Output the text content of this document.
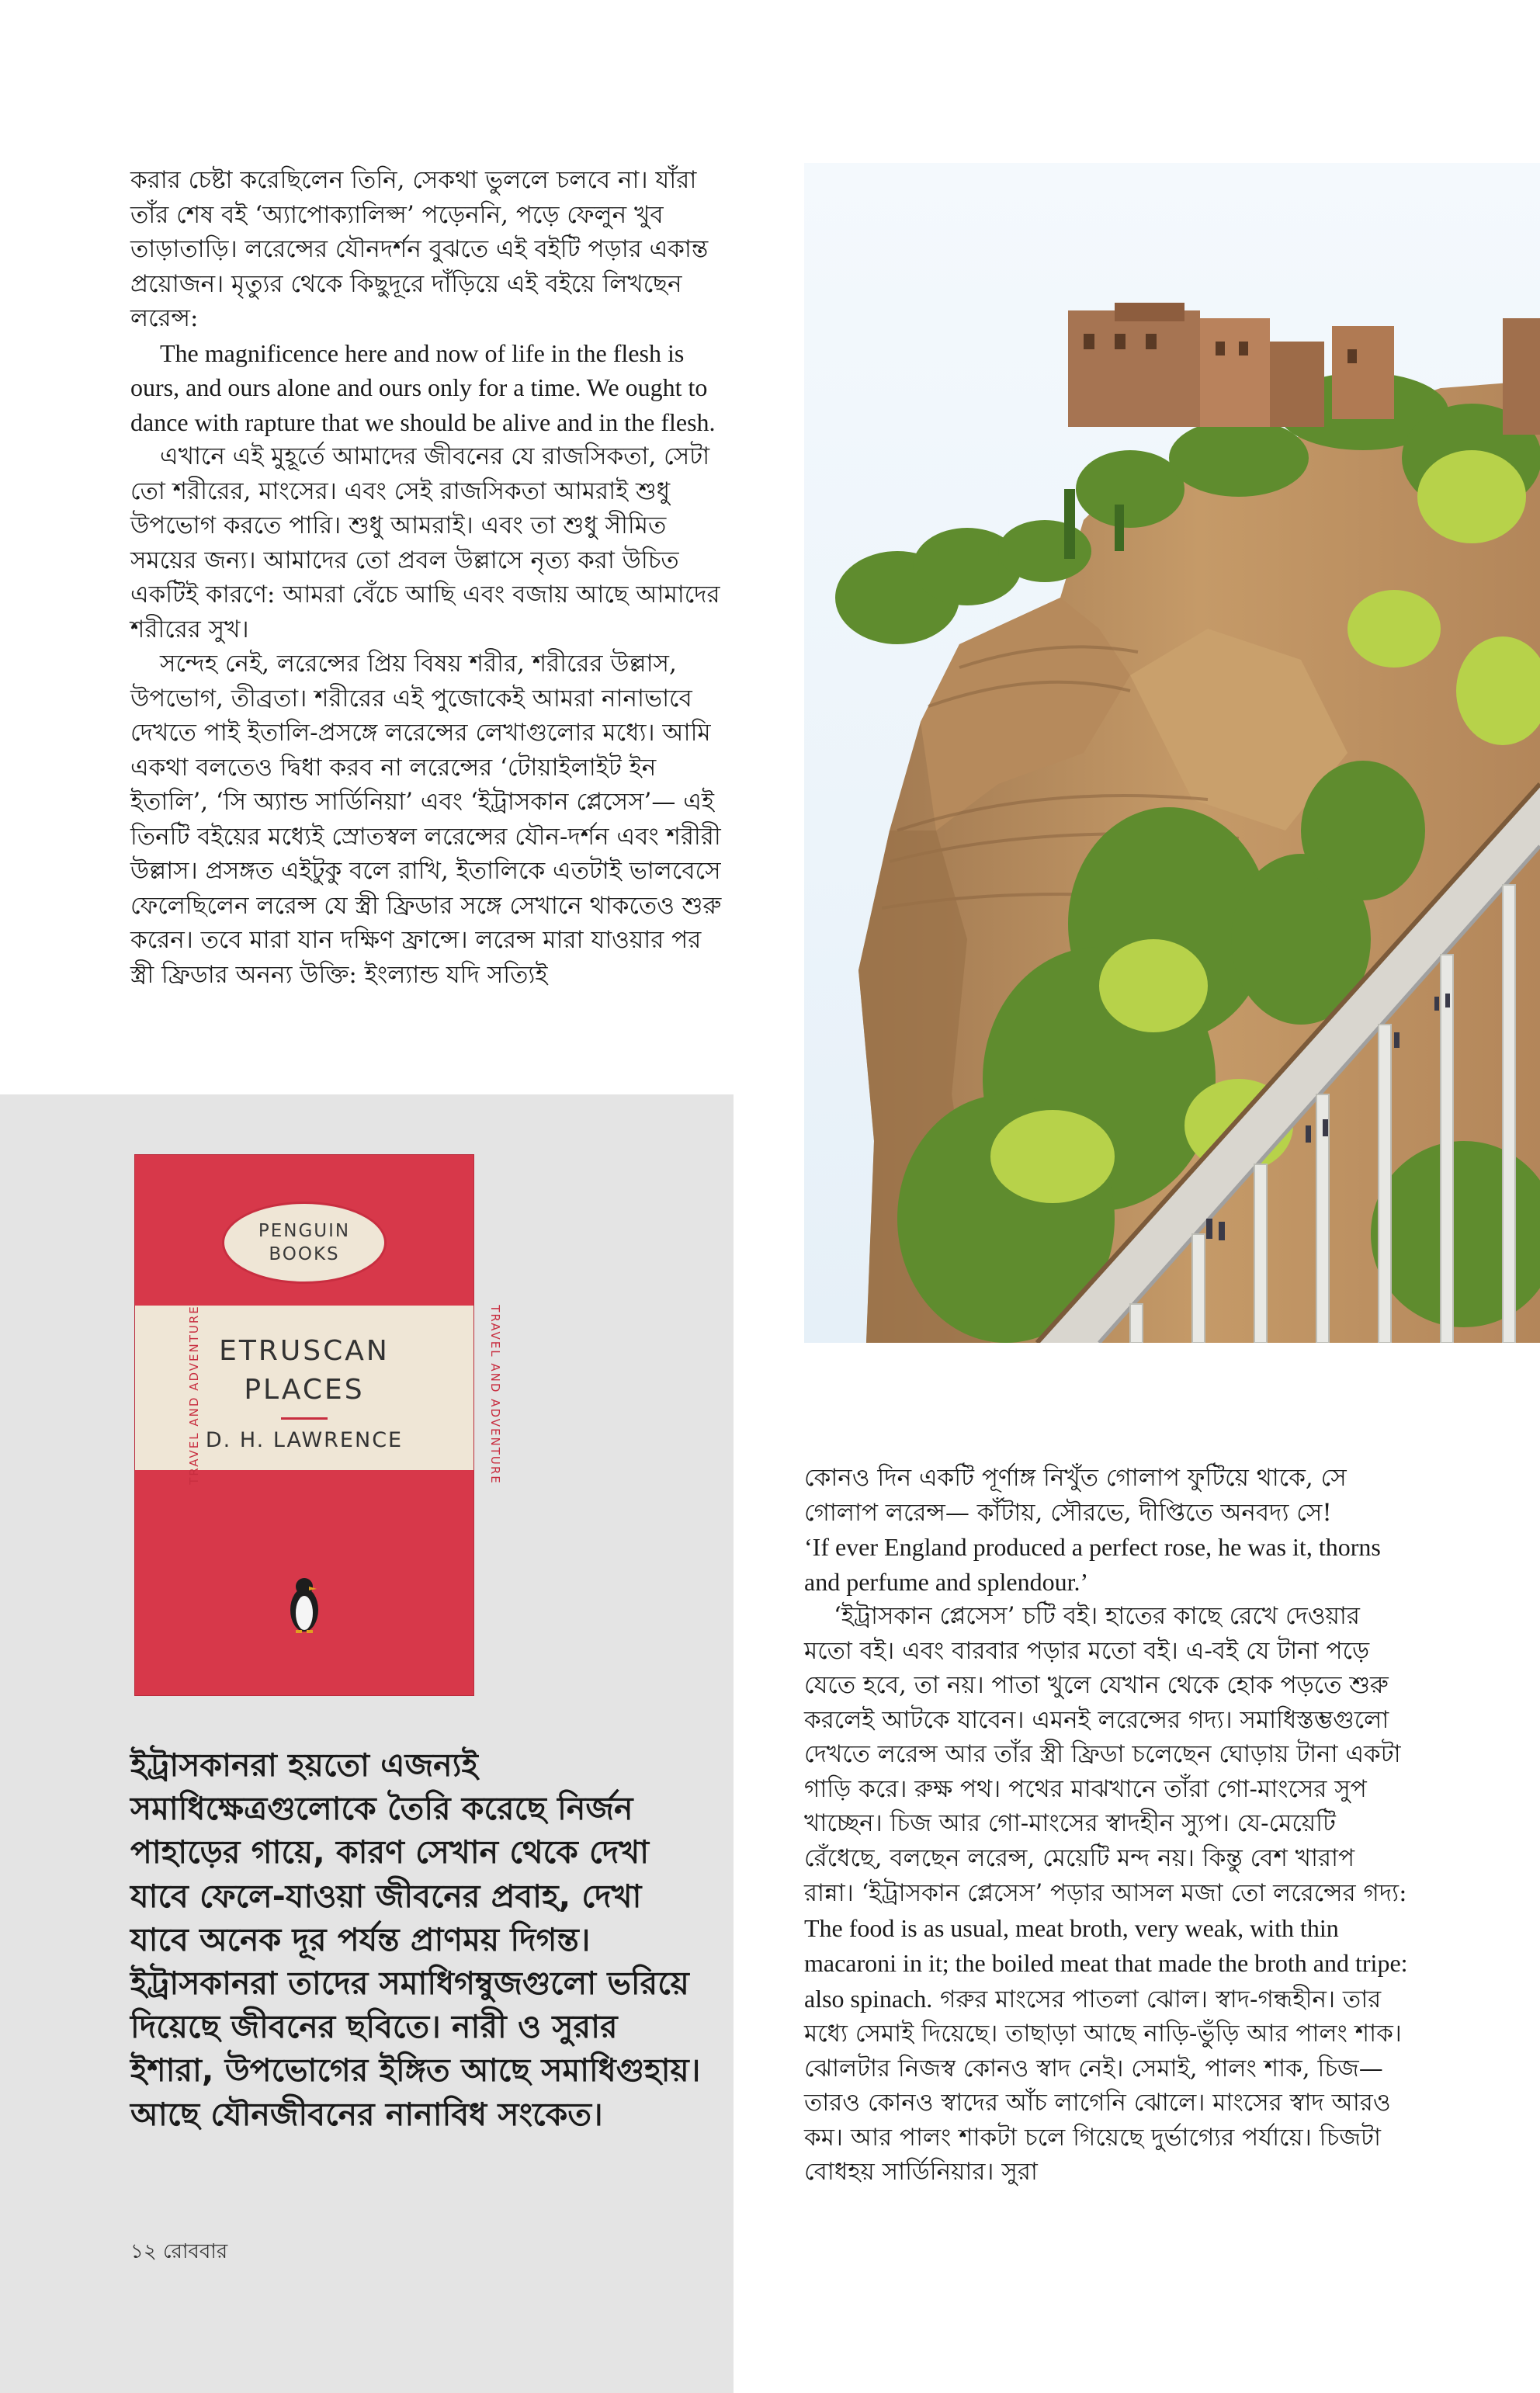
করার চেষ্টা করেছিলেন তিনি, সেকথা ভুললে চলবে না। যাঁরা তাঁর শেষ বই ‘অ্যাপোক্যালিপ্স’ পড়েননি, পড়ে ফেলুন খুব তাড়াতাড়ি। লরেন্সের যৌনদর্শন বুঝতে এই বইটি পড়ার একান্ত প্রয়োজন। মৃত্যুর থেকে কিছুদূরে দাঁড়িয়ে এই বইয়ে লিখছেন লরেন্স:

The magnificence here and now of life in the flesh is ours, and ours alone and ours only for a time. We ought to dance with rapture that we should be alive and in the flesh.

এখানে এই মুহূর্তে আমাদের জীবনের যে রাজসিকতা, সেটা তো শরীরের, মাংসের। এবং সেই রাজসিকতা আমরাই শুধু উপভোগ করতে পারি। শুধু আমরাই। এবং তা শুধু সীমিত সময়ের জন্য। আমাদের তো প্রবল উল্লাসে নৃত্য করা উচিত একটিই কারণে: আমরা বেঁচে আছি এবং বজায় আছে আমাদের শরীরের সুখ।

সন্দেহ নেই, লরেন্সের প্রিয় বিষয় শরীর, শরীরের উল্লাস, উপভোগ, তীব্রতা। শরীরের এই পুজোকেই আমরা নানাভাবে দেখতে পাই ইতালি-প্রসঙ্গে লরেন্সের লেখাগুলোর মধ্যে। আমি একথা বলতেও দ্বিধা করব না লরেন্সের ‘টোয়াইলাইট ইন ইতালি’, ‘সি অ্যান্ড সার্ডিনিয়া’ এবং ‘ইট্রাসকান প্লেসেস’— এই তিনটি বইয়ের মধ্যেই স্রোতস্বল লরেন্সের যৌন-দর্শন এবং শরীরী উল্লাস। প্রসঙ্গত এইটুকু বলে রাখি, ইতালিকে এতটাই ভালবেসে ফেলেছিলেন লরেন্স যে স্ত্রী ফ্রিডার সঙ্গে সেখানে থাকতেও শুরু করেন। তবে মারা যান দক্ষিণ ফ্রান্সে। লরেন্স মারা যাওয়ার পর স্ত্রী ফ্রিডার অনন্য উক্তি: ইংল্যান্ড যদি সত্যিই

PENGUIN
BOOKS
ETRUSCAN
PLACES
D. H. LAWRENCE
TRAVEL AND ADVENTURE	TRAVEL AND ADVENTURE
ইট্রাসকানরা হয়তো এজন্যই সমাধিক্ষেত্রগুলোকে তৈরি করেছে নির্জন পাহাড়ের গায়ে, কারণ সেখান থেকে দেখা যাবে ফেলে-যাওয়া জীবনের প্রবাহ, দেখা যাবে অনেক দূর পর্যন্ত প্রাণময় দিগন্ত। ইট্রাসকানরা তাদের সমাধিগম্বুজগুলো ভরিয়ে দিয়েছে জীবনের ছবিতে। নারী ও সুরার ইশারা, উপভোগের ইঙ্গিত আছে সমাধিগুহায়। আছে যৌনজীবনের নানাবিধ সংকেত।
১২ রোববার

কোনও দিন একটি পূর্ণাঙ্গ নিখুঁত গোলাপ ফুটিয়ে থাকে, সে গোলাপ লরেন্স— কাঁটায়, সৌরভে, দীপ্তিতে অনবদ্য সে!

‘If ever England produced a perfect rose, he was it, thorns and perfume and splendour.’

‘ইট্রাসকান প্লেসেস’ চটি বই। হাতের কাছে রেখে দেওয়ার মতো বই। এবং বারবার পড়ার মতো বই। এ-বই যে টানা পড়ে যেতে হবে, তা নয়। পাতা খুলে যেখান থেকে হোক পড়তে শুরু করলেই আটকে যাবেন। এমনই লরেন্সের গদ্য। সমাধিস্তম্ভগুলো দেখতে লরেন্স আর তাঁর স্ত্রী ফ্রিডা চলেছেন ঘোড়ায় টানা একটা গাড়ি করে। রুক্ষ পথ। পথের মাঝখানে তাঁরা গো-মাংসের সুপ খাচ্ছেন। চিজ আর গো-মাংসের স্বাদহীন স্যুপ। যে-মেয়েটি রেঁধেছে, বলছেন লরেন্স, মেয়েটি মন্দ নয়। কিন্তু বেশ খারাপ রান্না। ‘ইট্রাসকান প্লেসেস’ পড়ার আসল মজা তো লরেন্সের গদ্য: The food is as usual, meat broth, very weak, with thin macaroni in it; the boiled meat that made the broth and tripe: also spinach. গরুর মাংসের পাতলা ঝোল। স্বাদ-গন্ধহীন। তার মধ্যে সেমাই দিয়েছে। তাছাড়া আছে নাড়ি-ভুঁড়ি আর পালং শাক। ঝোলটার নিজস্ব কোনও স্বাদ নেই। সেমাই, পালং শাক, চিজ— তারও কোনও স্বাদের আঁচ লাগেনি ঝোলে। মাংসের স্বাদ আরও কম। আর পালং শাকটা চলে গিয়েছে দুর্ভাগ্যের পর্যায়ে। চিজটা বোধহয় সার্ডিনিয়ার। সুরা
